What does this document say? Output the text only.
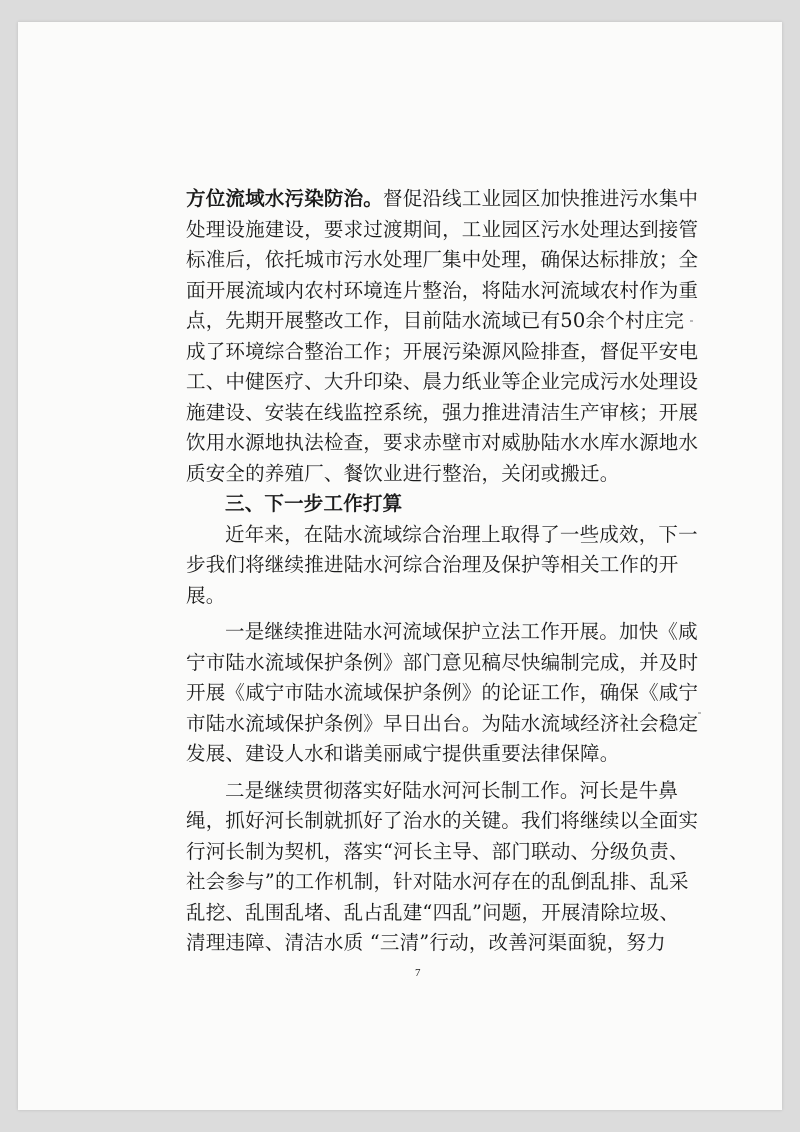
方位流域水污染防治。督促沿线工业园区加快推进污水集中
处理设施建设，要求过渡期间，工业园区污水处理达到接管
标准后，依托城市污水处理厂集中处理，确保达标排放；全
面开展流域内农村环境连片整治，将陆水河流域农村作为重
点，先期开展整改工作，目前陆水流域已有50余个村庄完
成了环境综合整治工作；开展污染源风险排查，督促平安电
工、中健医疗、大升印染、晨力纸业等企业完成污水处理设
施建设、安装在线监控系统，强力推进清洁生产审核；开展
饮用水源地执法检查，要求赤壁市对威胁陆水水库水源地水
质安全的养殖厂、餐饮业进行整治，关闭或搬迁。
三、下一步工作打算
近年来，在陆水流域综合治理上取得了一些成效，下一
步我们将继续推进陆水河综合治理及保护等相关工作的开
展。
一是继续推进陆水河流域保护立法工作开展。加快《咸
宁市陆水流域保护条例》部门意见稿尽快编制完成，并及时
开展《咸宁市陆水流域保护条例》的论证工作，确保《咸宁
市陆水流域保护条例》早日出台。为陆水流域经济社会稳定
发展、建设人水和谐美丽咸宁提供重要法律保障。
二是继续贯彻落实好陆水河河长制工作。河长是牛鼻
绳，抓好河长制就抓好了治水的关键。我们将继续以全面实
行河长制为契机，落实“河长主导、部门联动、分级负责、
社会参与”的工作机制，针对陆水河存在的乱倒乱排、乱采
乱挖、乱围乱堵、乱占乱建“四乱”问题，开展清除垃圾、
清理违障、清洁水质 “三清”行动，改善河渠面貌，努力
7
